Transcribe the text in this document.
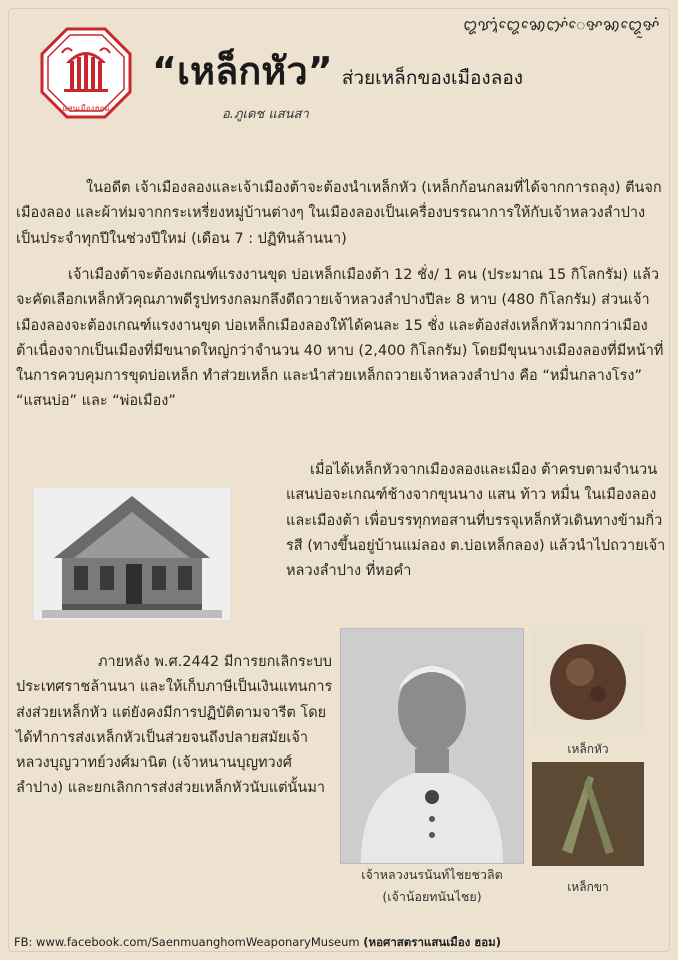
แสนเมืองฮอม
ꨁꩈꨲꩌꨁꨯꩆꨯꩊꨳꩌꨯꨀꩆꨁꨯꨭꨀꩌ
“เหล็กหัว” ส่วยเหล็กของเมืองลอง
อ.ภูเดช แสนสา
ในอดีต เจ้าเมืองลองและเจ้าเมืองต้าจะต้องนำเหล็กหัว (เหล็กก้อนกลมที่ได้จากการถลุง) ตีนจกเมืองลอง และผ้าห่มจากกระเหรี่ยงหมู่บ้านต่างๆ ในเมืองลองเป็นเครื่องบรรณาการให้กับเจ้าหลวงลำปางเป็นประจำทุกปีในช่วงปีใหม่ (เดือน 7 : ปฏิทินล้านนา)
เจ้าเมืองต้าจะต้องเกณฑ์แรงงานขุด บ่อเหล็กเมืองต้า 12 ชั่ง/ 1 คน (ประมาณ 15 กิโลกรัม) แล้วจะคัดเลือกเหล็กหัวคุณภาพดีรูปทรงกลมกลึงดีถวายเจ้าหลวงลำปางปีละ 8 หาบ (480 กิโลกรัม) ส่วนเจ้าเมืองลองจะต้องเกณฑ์แรงงานขุด บ่อเหล็กเมืองลองให้ได้คนละ 15 ชั่ง และต้องส่งเหล็กหัวมากกว่าเมืองต้าเนื่องจากเป็นเมืองที่มีขนาดใหญ่กว่าจำนวน 40 หาบ (2,400 กิโลกรัม) โดยมีขุนนางเมืองลองที่มีหน้าที่ในการควบคุมการขุดบ่อเหล็ก ทำส่วยเหล็ก และนำส่วยเหล็กถวายเจ้าหลวงลำปาง คือ “หมื่นกลางโรง” “แสนบ่อ” และ “พ่อเมือง”
เมื่อได้เหล็กหัวจากเมืองลองและเมือง ต้าครบตามจำนวน แสนบ่อจะเกณฑ์ช้างจากขุนนาง แสน ท้าว หมื่น ในเมืองลองและเมืองต้า เพื่อบรรทุกทอสานที่บรรจุเหล็กหัวเดินทางข้ามกิ่วรสี (ทางขึ้นอยู่บ้านแม่ลอง ต.บ่อเหล็กลอง) แล้วนำไปถวายเจ้าหลวงลำปาง ที่หอคำ
เจ้าหลวงนรนันท์ไชยชวลิต
(เจ้าน้อยทนันไชย)
เหล็กหัว
เหล็กขา
ภายหลัง พ.ศ.2442 มีการยกเลิกระบบประเทศราชล้านนา และให้เก็บภาษีเป็นเงินแทนการส่งส่วยเหล็กหัว แต่ยังคงมีการปฏิบัติตามจารีต โดยได้ทำการส่งเหล็กหัวเป็นส่วยจนถึงปลายสมัยเจ้าหลวงบุญวาทย์วงศ์มานิต (เจ้าหนานบุญทวงศ์ ลำปาง) และยกเลิกการส่งส่วยเหล็กหัวนับแต่นั้นมา
FB: www.facebook.com/SaenmuanghomWeaponaryMuseum (หอศาสตราแสนเมือง ฮอม)
